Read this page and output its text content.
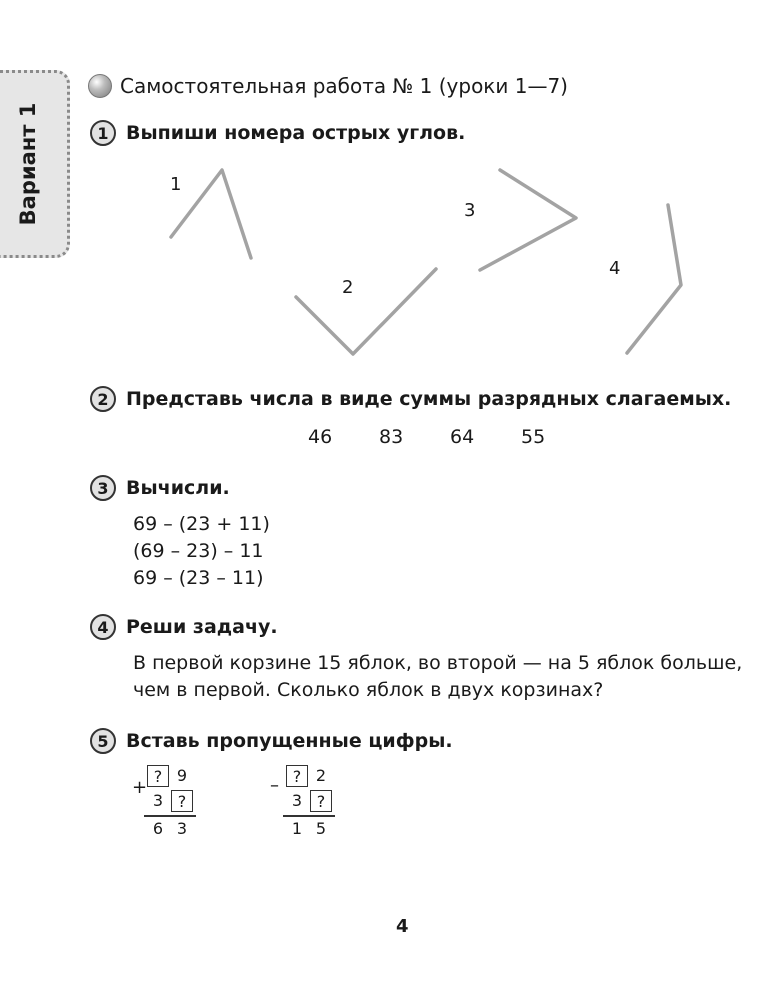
Вариант 1
Самостоятельная работа № 1 (уроки 1—7)
1 Выпиши номера острых углов.
1
2
3
4
2 Представь числа в виде суммы разрядных слагаемых.
46 83 64 55
3 Вычисли.
69 – (23 + 11)
(69 – 23) – 11
69 – (23 – 11)
4 Реши задачу.
В первой корзине 15 яблок, во второй — на 5 яблок больше,
чем в первой. Сколько яблок в двух корзинах?
5 Вставь пропущенные цифры.
+
? 9
3 ?
6 3
– ? 2
3 ?
1 5
4
